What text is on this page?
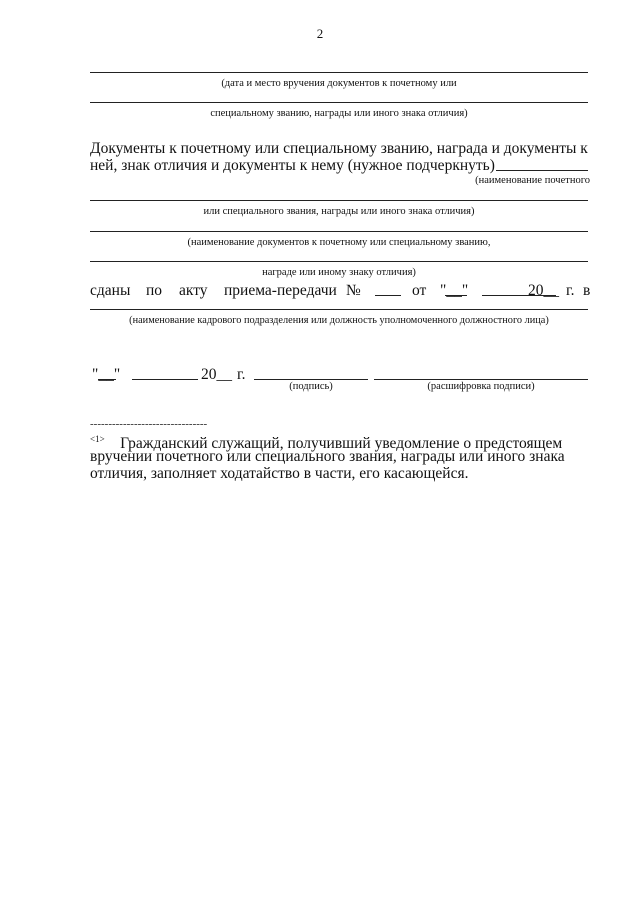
2
(дата и место вручения документов к почетному или
специальному званию, награды или иного знака отличия)
Документы к почетному или специальному званию, награда и документы к
ней, знак отличия и документы к нему (нужное подчеркнуть)
(наименование почетного
или специального звания, награды или иного знака отличия)
(наименование документов к почетному или специальному званию,
награде или иному знаку отличия)
сданы по акту приема-передачи №	от "__"	20__ г. в
(наименование кадрового подразделения или должность уполномоченного должностного лица)
"__"	20__ г.
(подпись)	(расшифровка подписи)
--------------------------------
$^{<1>}$ Гражданский служащий, получивший уведомление о предстоящем
вручении почетного или специального звания, награды или иного знака
отличия, заполняет ходатайство в части, его касающейся.
